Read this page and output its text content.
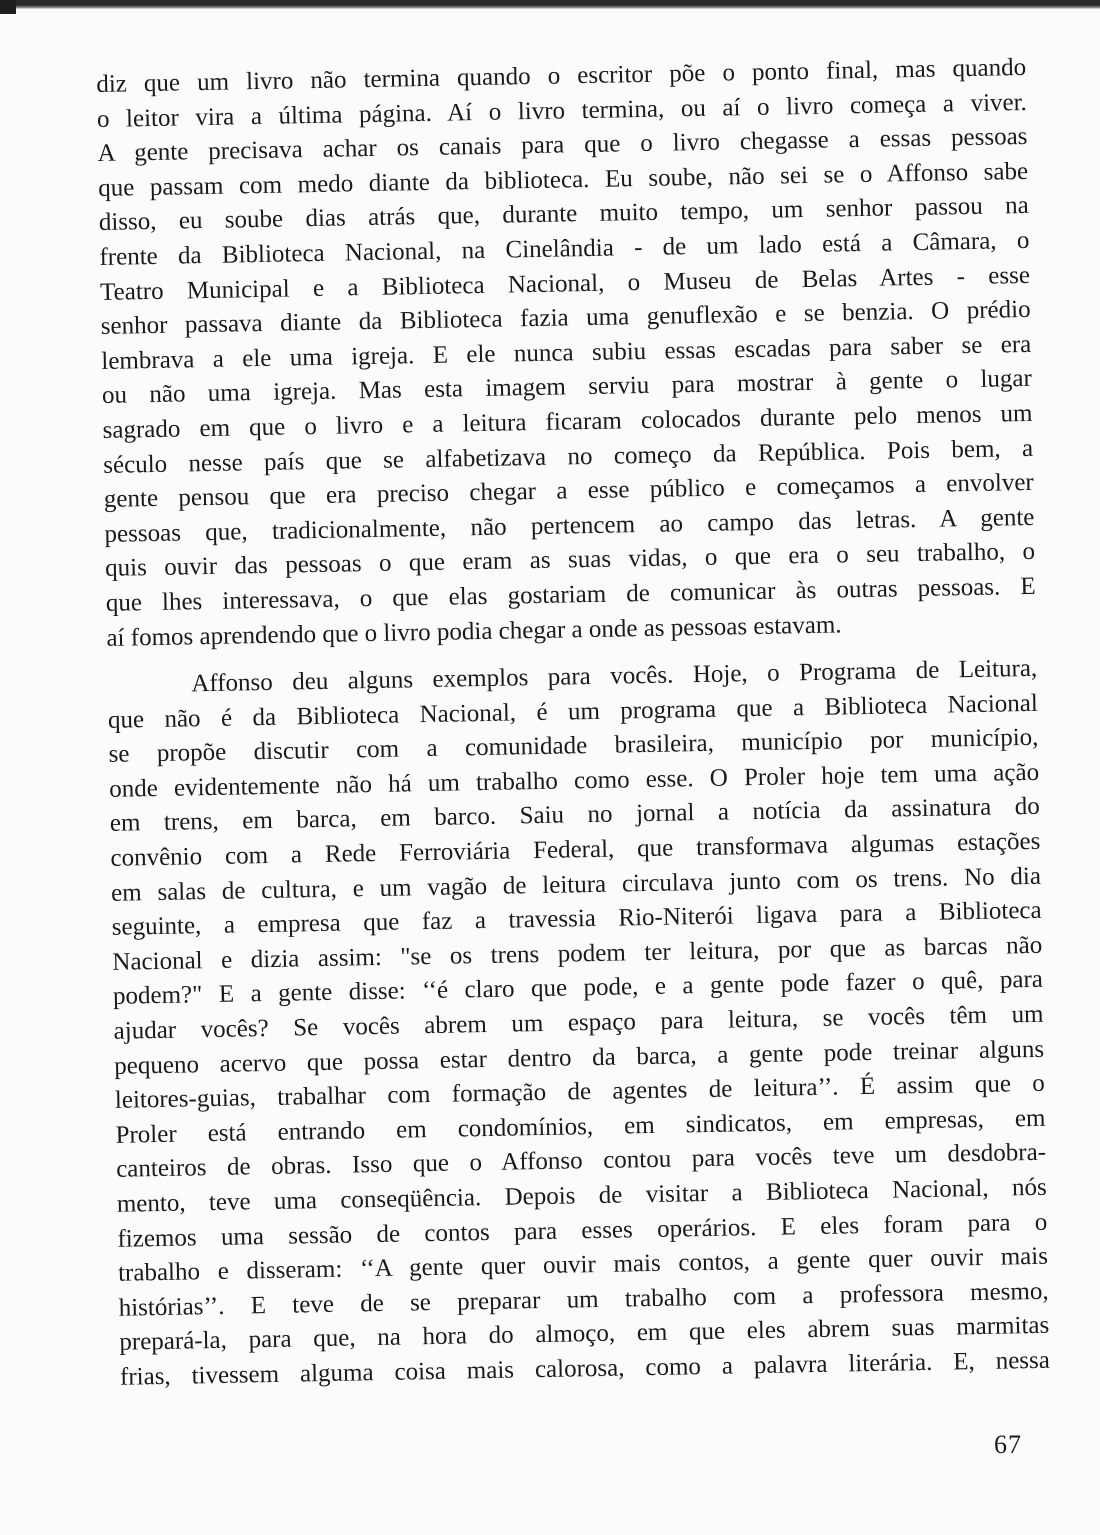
diz que um livro não termina quando o escritor põe o ponto final, mas quando
o leitor vira a última página. Aí o livro termina, ou aí o livro começa a viver.
A gente precisava achar os canais para que o livro chegasse a essas pessoas
que passam com medo diante da biblioteca. Eu soube, não sei se o Affonso sabe
disso, eu soube dias atrás que, durante muito tempo, um senhor passou na
frente da Biblioteca Nacional, na Cinelândia - de um lado está a Câmara, o
Teatro Municipal e a Biblioteca Nacional, o Museu de Belas Artes - esse
senhor passava diante da Biblioteca fazia uma genuflexão e se benzia. O prédio
lembrava a ele uma igreja. E ele nunca subiu essas escadas para saber se era
ou não uma igreja. Mas esta imagem serviu para mostrar à gente o lugar
sagrado em que o livro e a leitura ficaram colocados durante pelo menos um
século nesse país que se alfabetizava no começo da República. Pois bem, a
gente pensou que era preciso chegar a esse público e começamos a envolver
pessoas que, tradicionalmente, não pertencem ao campo das letras. A gente
quis ouvir das pessoas o que eram as suas vidas, o que era o seu trabalho, o
que lhes interessava, o que elas gostariam de comunicar às outras pessoas. E
aí fomos aprendendo que o livro podia chegar a onde as pessoas estavam.
Affonso deu alguns exemplos para vocês. Hoje, o Programa de Leitura,
que não é da Biblioteca Nacional, é um programa que a Biblioteca Nacional
se propõe discutir com a comunidade brasileira, município por município,
onde evidentemente não há um trabalho como esse. O Proler hoje tem uma ação
em trens, em barca, em barco. Saiu no jornal a notícia da assinatura do
convênio com a Rede Ferroviária Federal, que transformava algumas estações
em salas de cultura, e um vagão de leitura circulava junto com os trens. No dia
seguinte, a empresa que faz a travessia Rio-Niterói ligava para a Biblioteca
Nacional e dizia assim: "se os trens podem ter leitura, por que as barcas não
podem?" E a gente disse: ‘‘é claro que pode, e a gente pode fazer o quê, para
ajudar vocês? Se vocês abrem um espaço para leitura, se vocês têm um
pequeno acervo que possa estar dentro da barca, a gente pode treinar alguns
leitores-guias, trabalhar com formação de agentes de leitura’’. É assim que o
Proler está entrando em condomínios, em sindicatos, em empresas, em
canteiros de obras. Isso que o Affonso contou para vocês teve um desdobra-
mento, teve uma conseqüência. Depois de visitar a Biblioteca Nacional, nós
fizemos uma sessão de contos para esses operários. E eles foram para o
trabalho e disseram: ‘‘A gente quer ouvir mais contos, a gente quer ouvir mais
histórias’’. E teve de se preparar um trabalho com a professora mesmo,
prepará-la, para que, na hora do almoço, em que eles abrem suas marmitas
frias, tivessem alguma coisa mais calorosa, como a palavra literária. E, nessa
67
